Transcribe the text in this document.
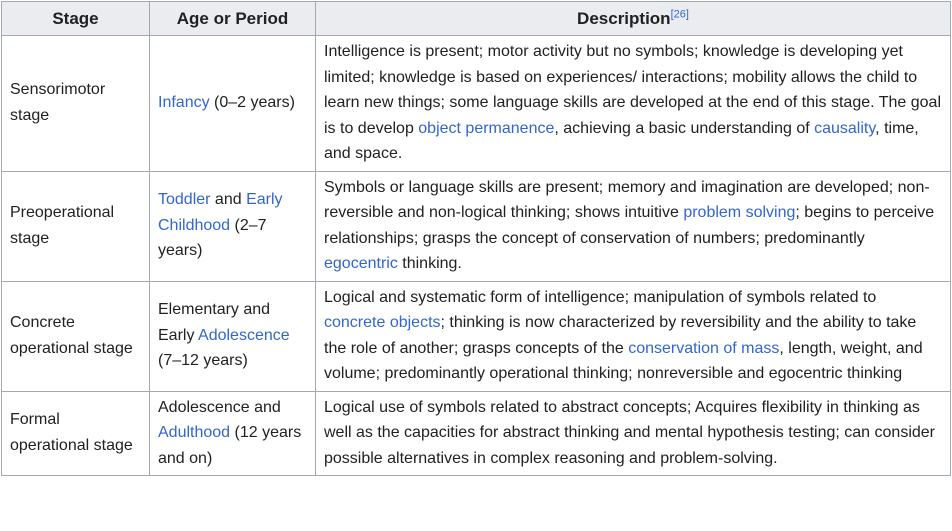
Stage	Age or Period	Description[26]
Sensorimotor stage	Infancy (0–2 years)	Intelligence is present; motor activity but no symbols; knowledge is developing yet limited; knowledge is based on experiences/ interactions; mobility allows the child to learn new things; some language skills are developed at the end of this stage. The goal is to develop object permanence, achieving a basic understanding of causality, time, and space.
Preoperational stage	Toddler and Early Childhood (2–7 years)	Symbols or language skills are present; memory and imagination are developed; non-reversible and non-logical thinking; shows intuitive problem solving; begins to perceive relationships; grasps the concept of conservation of numbers; predominantly egocentric thinking.
Concrete operational stage	Elementary and Early Adolescence (7–12 years)	Logical and systematic form of intelligence; manipulation of symbols related to concrete objects; thinking is now characterized by reversibility and the ability to take the role of another; grasps concepts of the conservation of mass, length, weight, and volume; predominantly operational thinking; nonreversible and egocentric thinking
Formal operational stage	Adolescence and Adulthood (12 years and on)	Logical use of symbols related to abstract concepts; Acquires flexibility in thinking as well as the capacities for abstract thinking and mental hypothesis testing; can consider possible alternatives in complex reasoning and problem-solving.
